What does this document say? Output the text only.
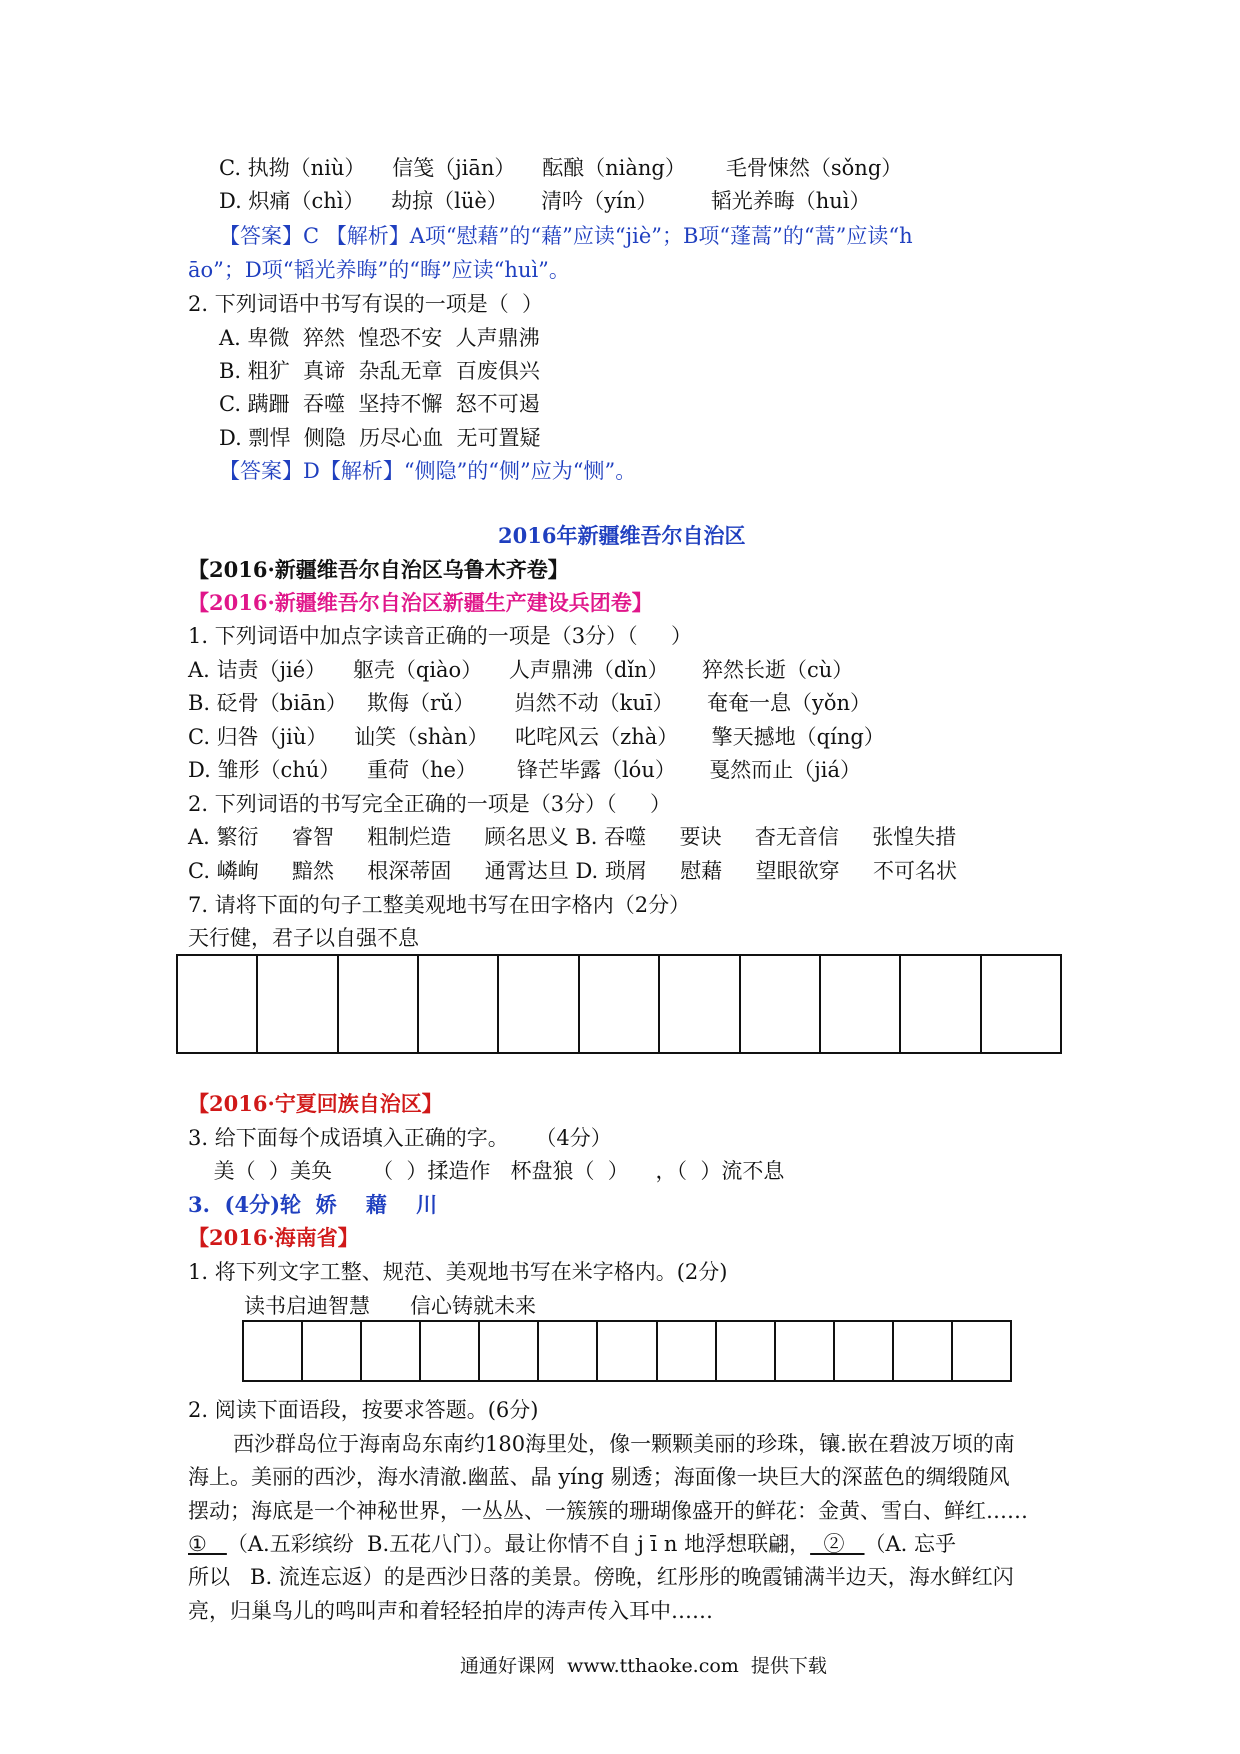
C. 执拗（niù）    信笺（jiān）    酝酿（niàng）      毛骨悚然（sǒng）
D. 炽痛（chì）    劫掠（lüè）     清吟（yín）        韬光养晦（huì）
【答案】C 【解析】A项“慰藉”的“藉”应读“jiè”；B项“蓬蒿”的“蒿”应读“h
āo”；D项“韬光养晦”的“晦”应读“huì”。
2. 下列词语中书写有误的一项是（  ）
A. 卑微  猝然  惶恐不安  人声鼎沸
B. 粗犷  真谛  杂乱无章  百废俱兴
C. 蹒跚  吞噬  坚持不懈  怒不可遏
D. 剽悍  侧隐  历尽心血  无可置疑
【答案】D【解析】“侧隐”的“侧”应为“恻”。
2016年新疆维吾尔自治区
【2016·新疆维吾尔自治区乌鲁木齐卷】
【2016·新疆维吾尔自治区新疆生产建设兵团卷】
1. 下列词语中加点字读音正确的一项是（3分）（     ）
A. 诘责（jié）    躯壳（qiào）    人声鼎沸（dǐn）     猝然长逝（cù）
B. 砭骨（biān）   欺侮（rǔ）      岿然不动（kuī）     奄奄一息（yǒn）
C. 归咎（jiù）    讪笑（shàn）    叱咤风云（zhà）     擎天撼地（qíng）
D. 雏形（chú）    重荷（he）      锋芒毕露（lóu）     戛然而止（jiá）
2. 下列词语的书写完全正确的一项是（3分）（     ）
A. 繁衍     睿智     粗制烂造     顾名思义 B. 吞噬     要诀     杳无音信     张惶失措
C. 嶙峋     黯然     根深蒂固     通霄达旦 D. 琐屑     慰藉     望眼欲穿     不可名状
7. 请将下面的句子工整美观地书写在田字格内（2分）
天行健，君子以自强不息
【2016·宁夏回族自治区】
3. 给下面每个成语填入正确的字。    （4分）
美（  ）美奂      （  ）揉造作   杯盘狼（  ）    ，（  ）流不息
3.  (4分)轮  娇    藉    川
【2016·海南省】
1. 将下列文字工整、规范、美观地书写在米字格内。(2分)
读书启迪智慧      信心铸就未来
2. 阅读下面语段，按要求答题。(6分)
西沙群岛位于海南岛东南约180海里处，像一颗颗美丽的珍珠，镶.嵌在碧波万顷的南
海上。美丽的西沙，海水清澈.幽蓝、晶 yíng 剔透；海面像一块巨大的深蓝色的绸缎随风
摆动；海底是一个神秘世界，一丛丛、一簇簇的珊瑚像盛开的鲜花：金黄、雪白、鲜红……
①   （A.五彩缤纷  B.五花八门）。最让你情不自 j ī n 地浮想联翩，  ②   （A. 忘乎
所以   B. 流连忘返）的是西沙日落的美景。傍晚，红彤彤的晚霞铺满半边天，海水鲜红闪
亮，归巢鸟儿的鸣叫声和着轻轻拍岸的涛声传入耳中……
通通好课网  www.tthaoke.com  提供下载
